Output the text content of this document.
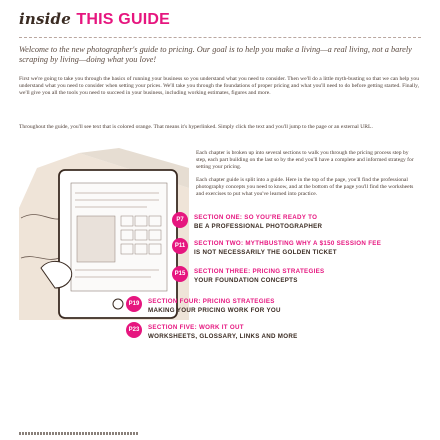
inside THIS GUIDE
Welcome to the new photographer's guide to pricing. Our goal is to help you make a living—a real living, not a barely scraping by living—doing what you love!
First we're going to take you through the basics of running your business so you understand what you need to consider. Then we'll do a little myth-busting so that we can help you understand what you need to consider when setting your prices. We'll take you through the foundations of proper pricing and what you'll need to do before getting started. Finally, we'll give you all the tools you need to succeed in your business, including working estimates, figures and more.
Throughout the guide, you'll see text that is colored orange. That means it's hyperlinked. Simply click the text and you'll jump to the page or an external URL.

Each chapter is broken up into several sections to walk you through the pricing process step by step, each part building on the last so by the end you'll have a complete and informed strategy for setting your pricing.

Each chapter guide is split into a guide. Here in the top of the page, you'll find the professional photography concepts you need to know, and at the bottom of the page you'll find the worksheets and exercises to put what you've learned into practice.

P7	SECTION ONE: SO YOU'RE READY TO
BE A PROFESSIONAL PHOTOGRAPHER
P11	SECTION TWO: MYTHBUSTING WHY A $150 SESSION FEE
IS NOT NECESSARILY THE GOLDEN TICKET
P15	SECTION THREE: PRICING STRATEGIES
YOUR FOUNDATION CONCEPTS
P19	SECTION FOUR: PRICING STRATEGIES
MAKING YOUR PRICING WORK FOR YOU
P23	SECTION FIVE: WORK IT OUT
WORKSHEETS, GLOSSARY, LINKS AND MORE
